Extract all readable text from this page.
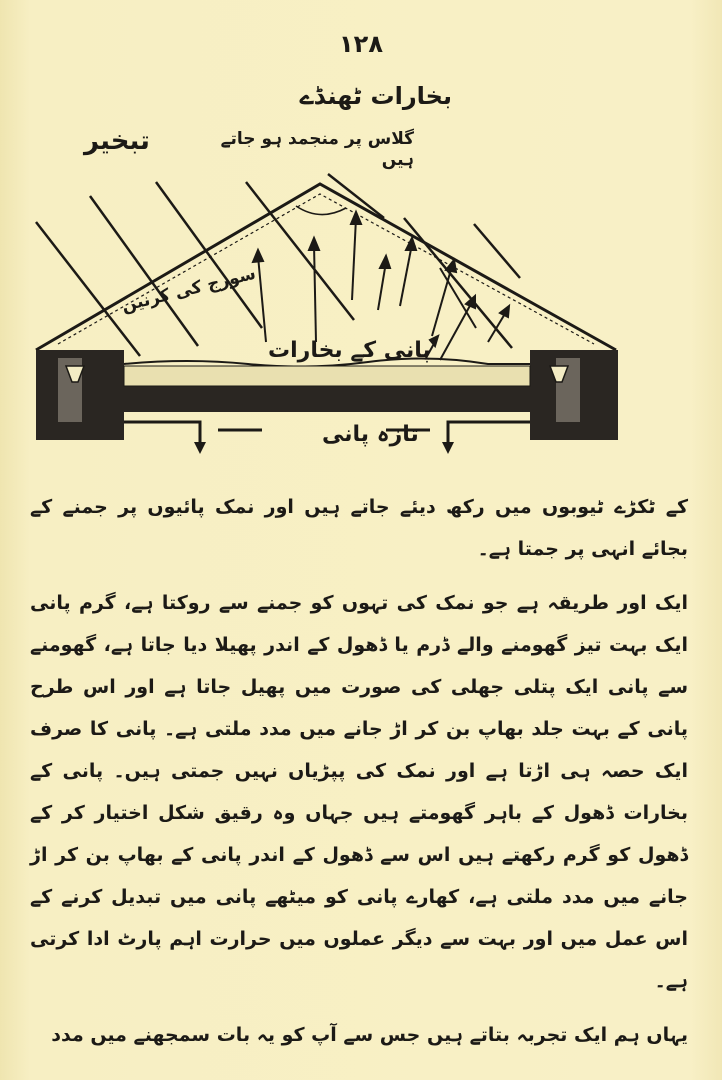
۱۲۸
بخارات ٹھنڈے
گلاس پر منجمد ہو جاتے ہیں
تبخیر
سورج کی کرنیں
پانی کے بخارات
تازہ پانی

کے ٹکڑے ٹیوبوں میں رکھ دیئے جاتے ہیں اور نمک پائیوں پر جمنے کے بجائے انہی پر جمتا ہے۔

ایک اور طریقہ ہے جو نمک کی تہوں کو جمنے سے روکتا ہے، گرم پانی ایک بہت تیز گھومنے والے ڈرم یا ڈھول کے اندر پھیلا دیا جاتا ہے، گھومنے سے پانی ایک پتلی جھلی کی صورت میں پھیل جاتا ہے اور اس طرح پانی کے بہت جلد بھاپ بن کر اڑ جانے میں مدد ملتی ہے۔ پانی کا صرف ایک حصہ ہی اڑتا ہے اور نمک کی پپڑیاں نہیں جمتی ہیں۔ پانی کے بخارات ڈھول کے باہر گھومتے ہیں جہاں وہ رقیق شکل اختیار کر کے ڈھول کو گرم رکھتے ہیں اس سے ڈھول کے اندر پانی کے بھاپ بن کر اڑ جانے میں مدد ملتی ہے، کھارے پانی کو میٹھے پانی میں تبدیل کرنے کے اس عمل میں اور بہت سے دیگر عملوں میں حرارت اہم پارٹ ادا کرتی ہے۔

یہاں ہم ایک تجربہ بتاتے ہیں جس سے آپ کو یہ بات سمجھنے میں مدد
